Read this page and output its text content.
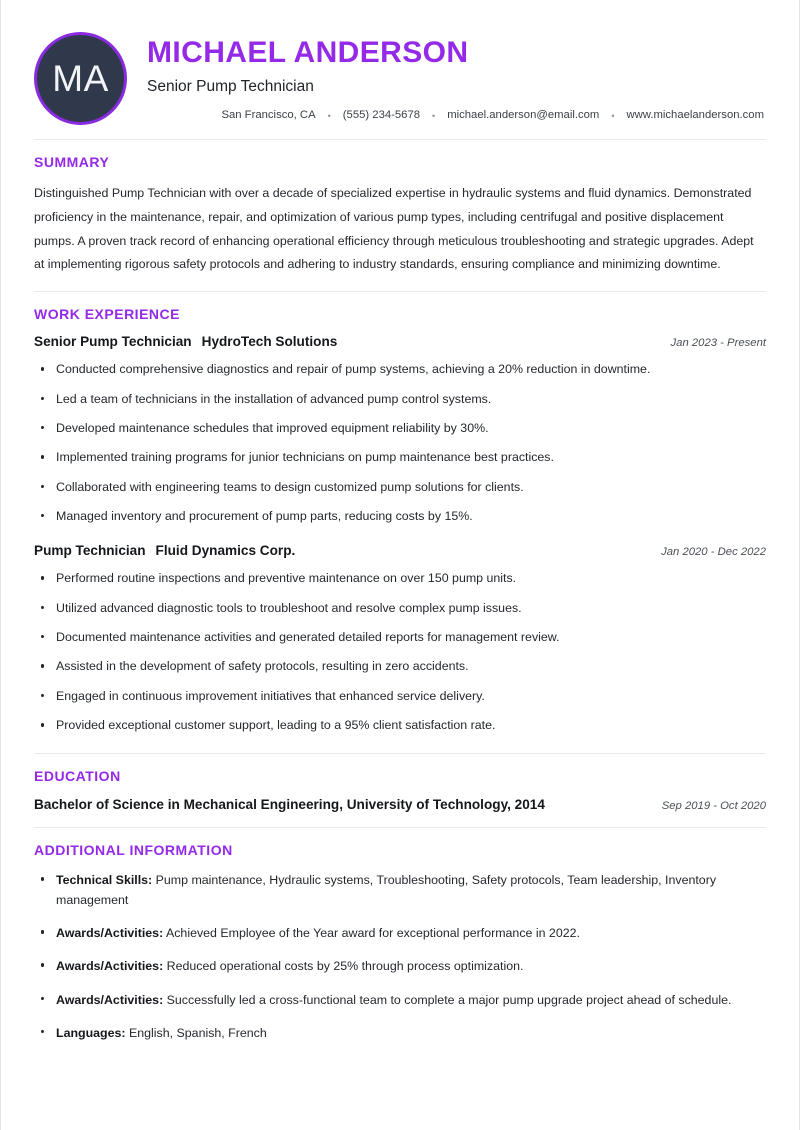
MA
MICHAEL ANDERSON
Senior Pump Technician
San Francisco, CA	•	(555) 234-5678	•	michael.anderson@email.com	•	www.michaelanderson.com
SUMMARY

Distinguished Pump Technician with over a decade of specialized expertise in hydraulic systems and fluid dynamics. Demonstrated proficiency in the maintenance, repair, and optimization of various pump types, including centrifugal and positive displacement pumps. A proven track record of enhancing operational efficiency through meticulous troubleshooting and strategic upgrades. Adept at implementing rigorous safety protocols and adhering to industry standards, ensuring compliance and minimizing downtime.

WORK EXPERIENCE
Senior Pump Technician HydroTech Solutions	Jan 2023 - Present
Conducted comprehensive diagnostics and repair of pump systems, achieving a 20% reduction in downtime.
Led a team of technicians in the installation of advanced pump control systems.
Developed maintenance schedules that improved equipment reliability by 30%.
Implemented training programs for junior technicians on pump maintenance best practices.
Collaborated with engineering teams to design customized pump solutions for clients.
Managed inventory and procurement of pump parts, reducing costs by 15%.
Pump Technician Fluid Dynamics Corp.	Jan 2020 - Dec 2022
Performed routine inspections and preventive maintenance on over 150 pump units.
Utilized advanced diagnostic tools to troubleshoot and resolve complex pump issues.
Documented maintenance activities and generated detailed reports for management review.
Assisted in the development of safety protocols, resulting in zero accidents.
Engaged in continuous improvement initiatives that enhanced service delivery.
Provided exceptional customer support, leading to a 95% client satisfaction rate.
EDUCATION
Bachelor of Science in Mechanical Engineering, University of Technology, 2014	Sep 2019 - Oct 2020
ADDITIONAL INFORMATION
Technical Skills: Pump maintenance, Hydraulic systems, Troubleshooting, Safety protocols, Team leadership, Inventory management
Awards/Activities: Achieved Employee of the Year award for exceptional performance in 2022.
Awards/Activities: Reduced operational costs by 25% through process optimization.
Awards/Activities: Successfully led a cross-functional team to complete a major pump upgrade project ahead of schedule.
Languages: English, Spanish, French
